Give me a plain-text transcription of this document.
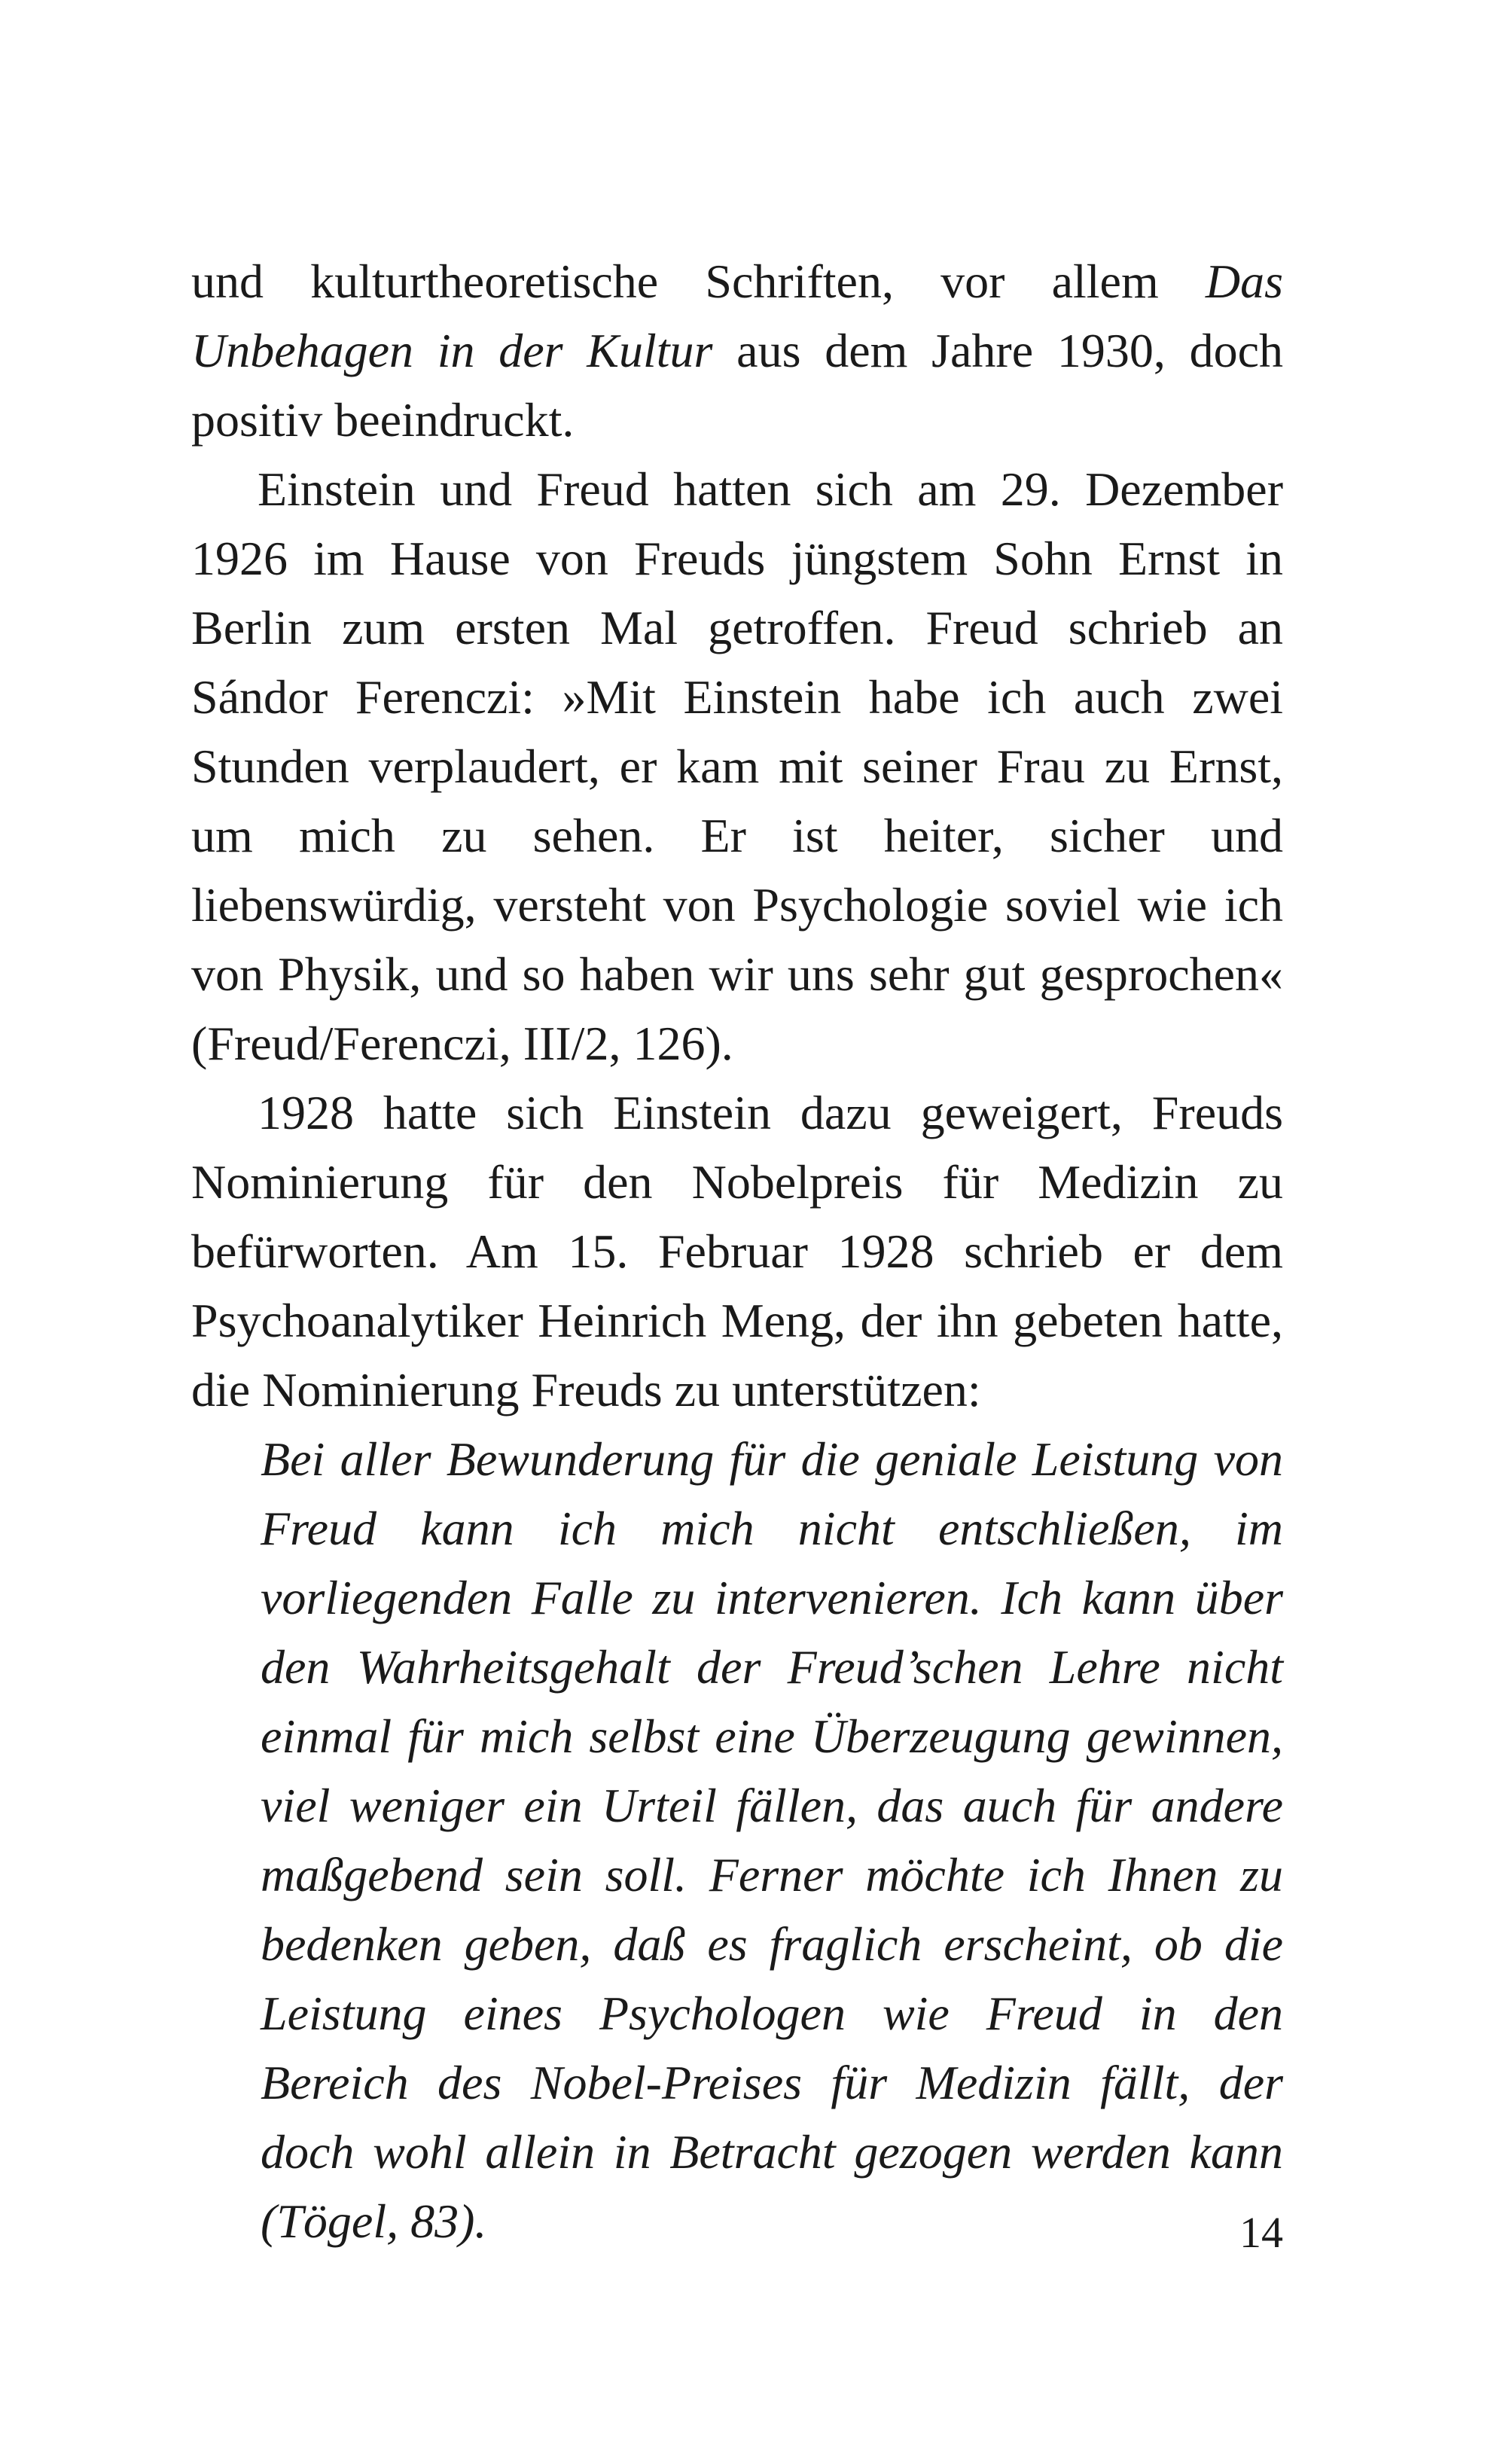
und kulturtheoretische Schriften, vor allem Das Unbehagen in der Kultur aus dem Jahre 1930, doch positiv beeindruckt.

Einstein und Freud hatten sich am 29. Dezember 1926 im Hause von Freuds jüngstem Sohn Ernst in Berlin zum ersten Mal getroffen. Freud schrieb an Sándor Ferenczi: »Mit Einstein habe ich auch zwei Stunden verplaudert, er kam mit seiner Frau zu Ernst, um mich zu sehen. Er ist heiter, sicher und liebenswürdig, versteht von Psychologie soviel wie ich von Physik, und so haben wir uns sehr gut gesprochen« (Freud/Ferenczi, III/2, 126).

1928 hatte sich Einstein dazu geweigert, Freuds Nominierung für den Nobelpreis für Medizin zu befürworten. Am 15. Februar 1928 schrieb er dem Psychoanalytiker Heinrich Meng, der ihn gebeten hatte, die Nominierung Freuds zu unterstützen:

Bei aller Bewunderung für die geniale Leistung von Freud kann ich mich nicht entschließen, im vorliegenden Falle zu intervenieren. Ich kann über den Wahrheitsgehalt der Freud’schen Lehre nicht einmal für mich selbst eine Überzeugung gewinnen, viel weniger ein Urteil fällen, das auch für andere maßgebend sein soll. Ferner möchte ich Ihnen zu bedenken geben, daß es fraglich erscheint, ob die Leistung eines Psychologen wie Freud in den Bereich des Nobel-Preises für Medizin fällt, der doch wohl allein in Betracht gezogen werden kann (Tögel, 83).	14
